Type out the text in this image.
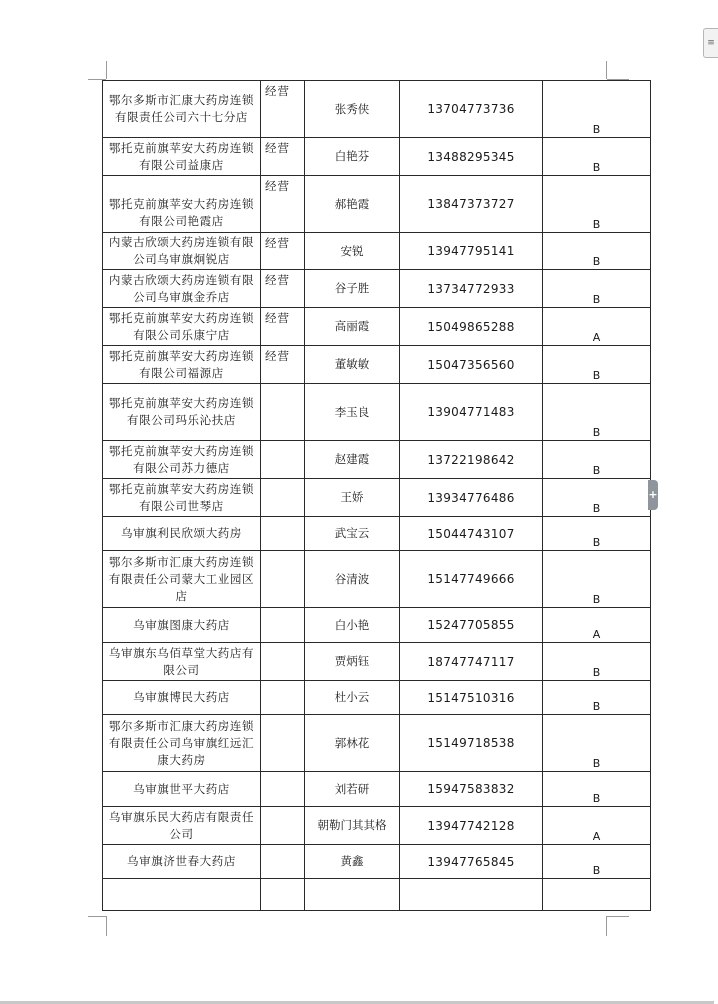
鄂尔多斯市汇康大药房连锁有限责任公司六十七分店	经营	张秀侠	13704773736	B
鄂托克前旗苹安大药房连锁有限公司益康店	经营	白艳芬	13488295345	B
鄂托克前旗苹安大药房连锁有限公司艳霞店	经营	郝艳霞	13847373727	B
内蒙古欣颂大药房连锁有限公司乌审旗炯锐店	经营	安锐	13947795141	B
内蒙古欣颂大药房连锁有限公司乌审旗金乔店	经营	谷子胜	13734772933	B
鄂托克前旗苹安大药房连锁有限公司乐康宁店	经营	高丽霞	15049865288	A
鄂托克前旗苹安大药房连锁有限公司福源店	经营	董敏敏	15047356560	B
鄂托克前旗苹安大药房连锁有限公司玛乐沁扶店		李玉良	13904771483	B
鄂托克前旗苹安大药房连锁有限公司苏力德店		赵建霞	13722198642	B
鄂托克前旗苹安大药房连锁有限公司世琴店		王娇	13934776486	B
乌审旗利民欣颂大药房		武宝云	15044743107	B
鄂尔多斯市汇康大药房连锁有限责任公司蒙大工业园区店		谷清波	15147749666	B
乌审旗图康大药店		白小艳	15247705855	A
乌审旗东乌佰草堂大药店有限公司		贾炳钰	18747747117	B
乌审旗博民大药店		杜小云	15147510316	B
鄂尔多斯市汇康大药房连锁有限责任公司乌审旗红远汇康大药房		郭林花	15149718538	B
乌审旗世平大药店		刘若研	15947583832	B
乌审旗乐民大药店有限责任公司		朝勒门其其格	13947742128	A
乌审旗济世春大药店		黄鑫	13947765845	B

+
≡
